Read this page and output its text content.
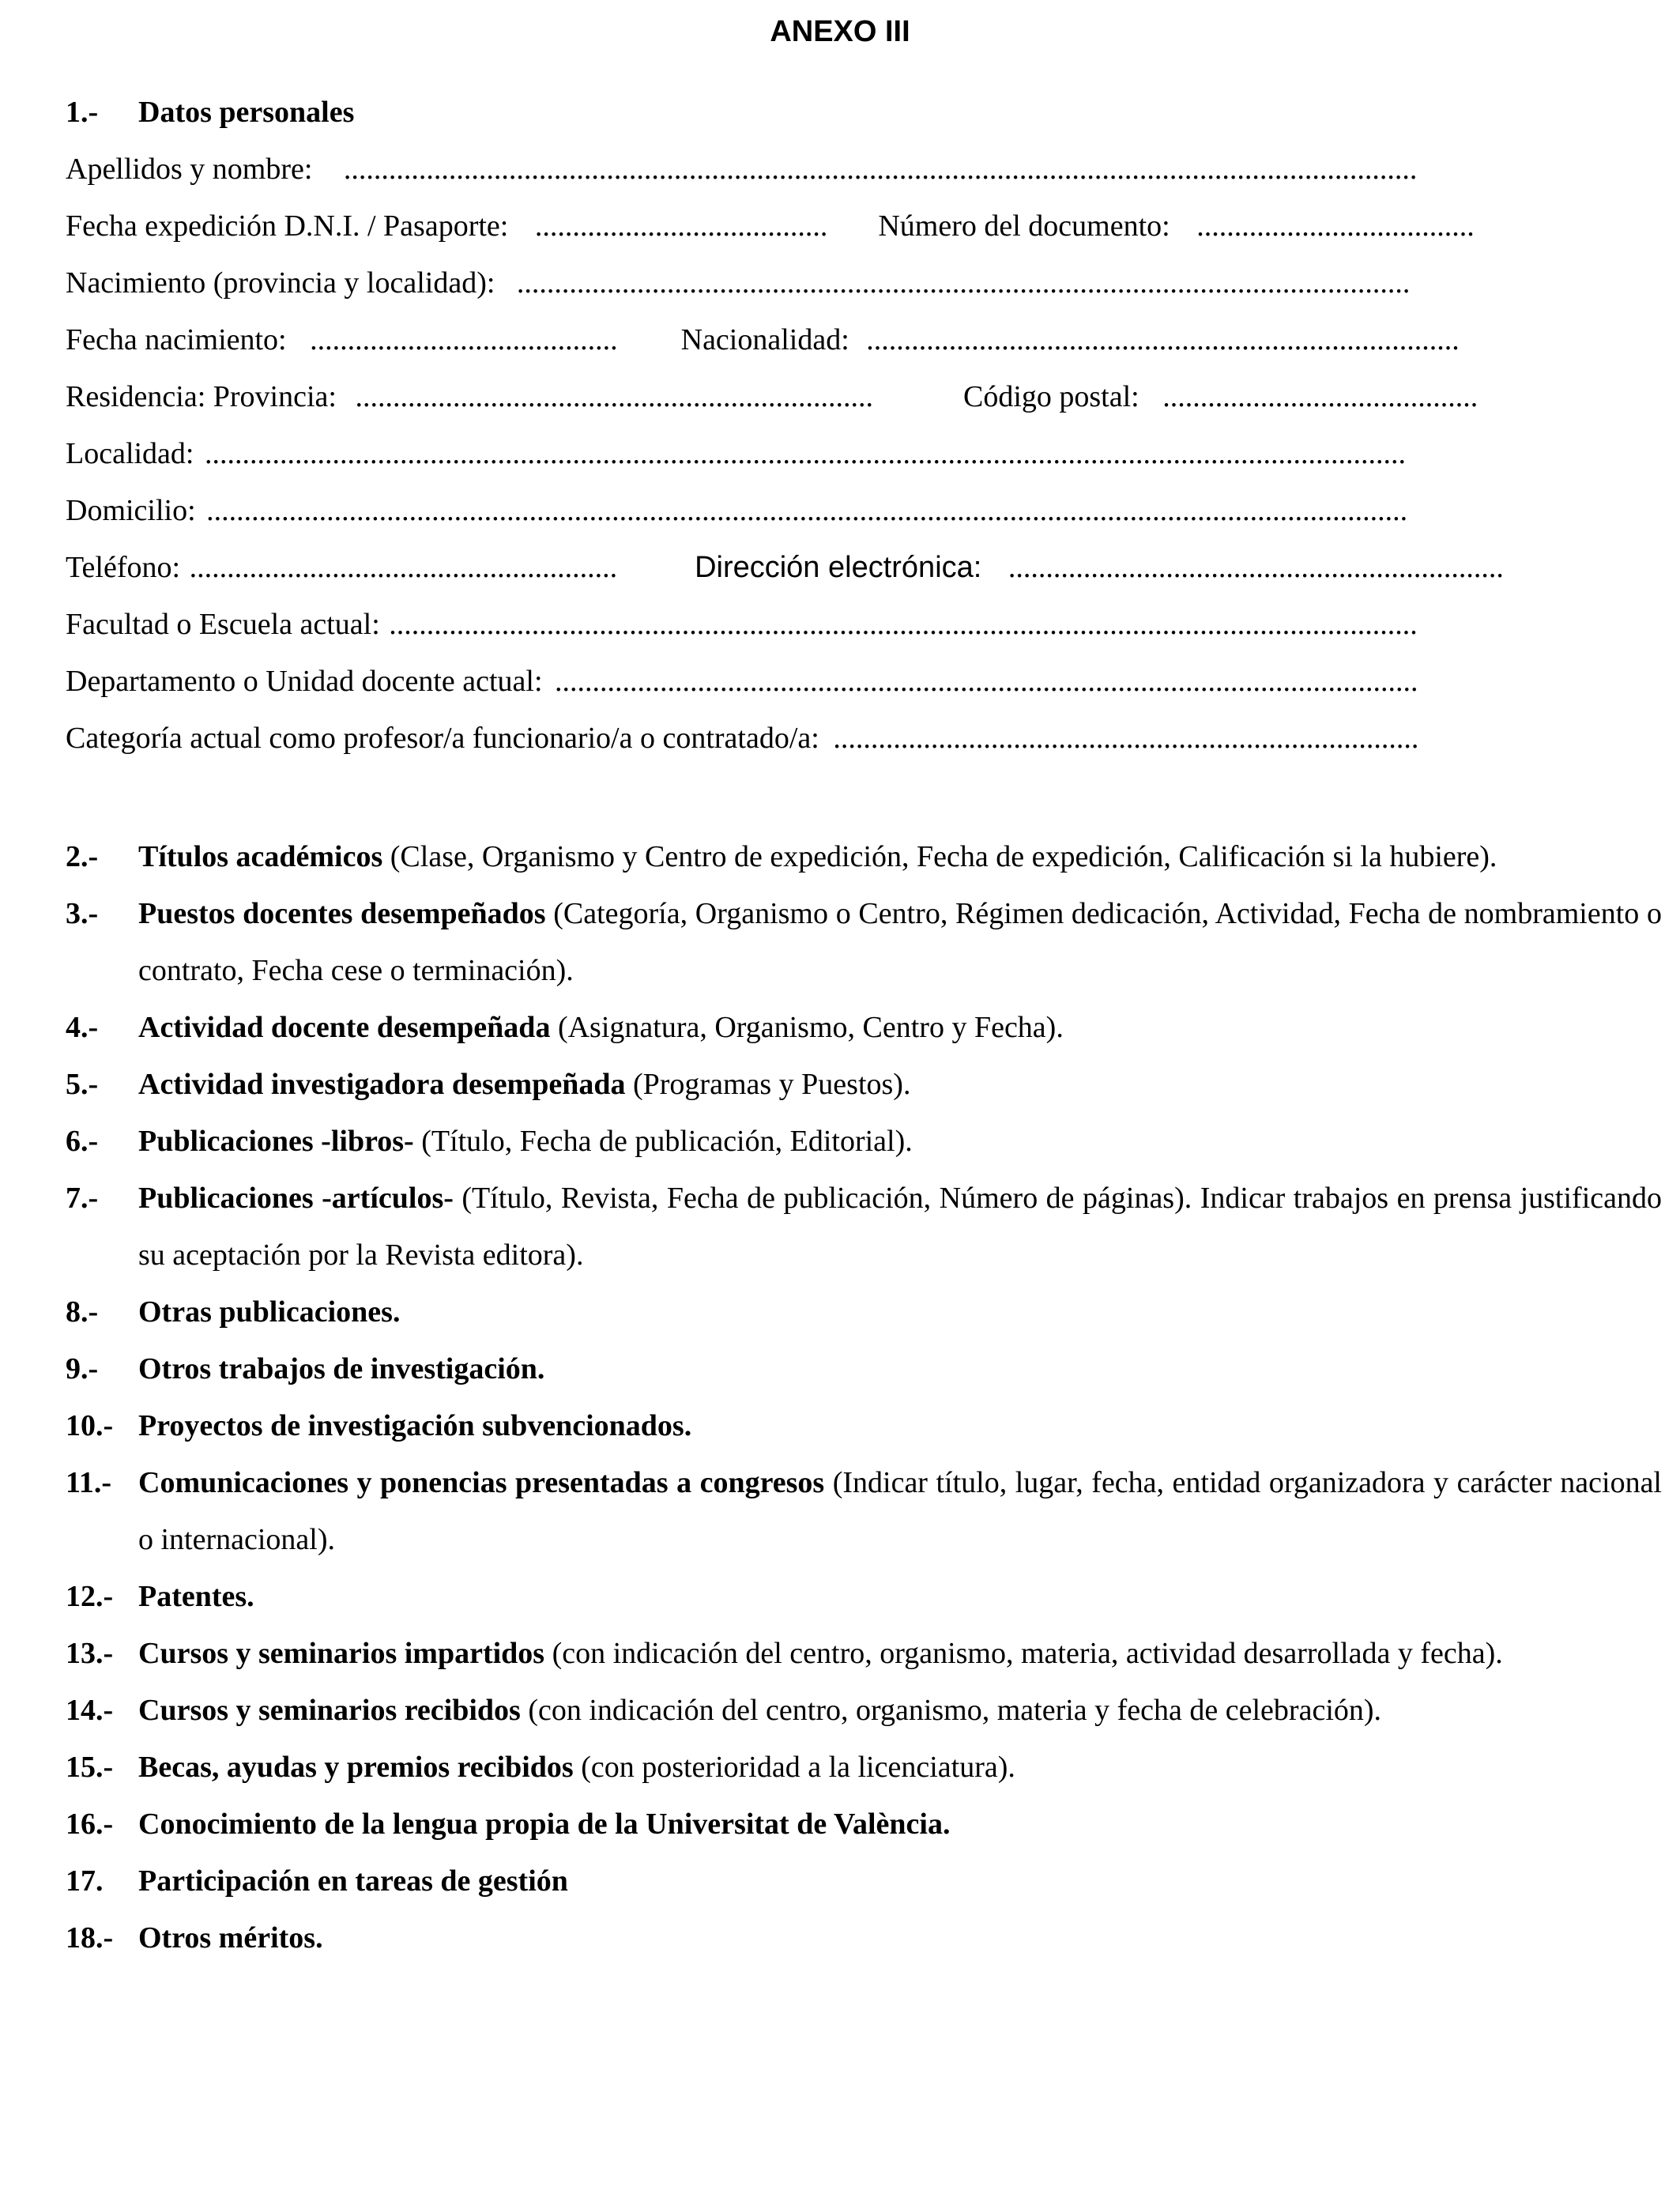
ANEXO III
1.- Datos personales
Apellidos y nombre: ...............................................................................................................................................
Fecha expedición D.N.I. / Pasaporte: ....................................... Número del documento: .....................................
Nacimiento (provincia y localidad): .......................................................................................................................
Fecha nacimiento: ......................................... Nacionalidad: ...............................................................................
Residencia: Provincia: .....................................................................	Código postal: ..........................................
Localidad: ................................................................................................................................................................
Domicilio: ................................................................................................................................................................
Teléfono: .........................................................	Dirección electrónica: ..................................................................
Facultad o Escuela actual: .........................................................................................................................................
Departamento o Unidad docente actual: ...................................................................................................................
Categoría actual como profesor/a funcionario/a o contratado/a: ..............................................................................
2.-	Títulos académicos (Clase, Organismo y Centro de expedición, Fecha de expedición, Calificación si la hubiere).
3.-	Puestos docentes desempeñados (Categoría, Organismo o Centro, Régimen dedicación, Actividad, Fecha de nombramiento o contrato, Fecha cese o terminación).
4.-	Actividad docente desempeñada (Asignatura, Organismo, Centro y Fecha).
5.-	Actividad investigadora desempeñada (Programas y Puestos).
6.-	Publicaciones -libros- (Título, Fecha de publicación, Editorial).
7.-	Publicaciones -artículos- (Título, Revista, Fecha de publicación, Número de páginas). Indicar trabajos en prensa justificando su aceptación por la Revista editora).
8.-	Otras publicaciones.
9.-	Otros trabajos de investigación.
10.- Proyectos de investigación subvencionados.
11.- Comunicaciones y ponencias presentadas a congresos (Indicar título, lugar, fecha, entidad organizadora y carácter nacional o internacional).
12.- Patentes.
13.- Cursos y seminarios impartidos (con indicación del centro, organismo, materia, actividad desarrollada y fecha).
14.- Cursos y seminarios recibidos (con indicación del centro, organismo, materia y fecha de celebración).
15.- Becas, ayudas y premios recibidos (con posterioridad a la licenciatura).
16.- Conocimiento de la lengua propia de la Universitat de València.
17.	Participación en tareas de gestión
18.- Otros méritos.
